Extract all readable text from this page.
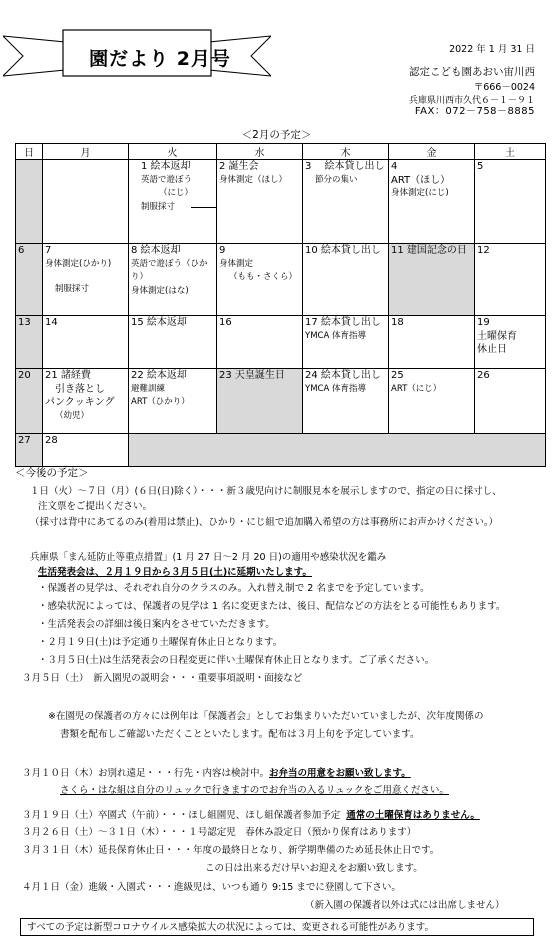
園だより 2月号	2022 年 1 月 31 日
認定こども園あおい宙川西
〒666－0024
兵庫県川西市久代６－１－９１
FAX：072－758－8885
＜2月の予定＞
日	月	火	水	木	金	土

		1 絵本返却
英語で遊ぼう
（にじ）
制服採寸	2 誕生会
身体測定（ほし）	3 　絵本貸し出し
節分の集い	4
ART（ほし）
身体測定(にじ)	5

6	7
身体測定(ひかり)
制服採寸	8 絵本返却
英語で遊ぼう（ひかり）
身体測定(はな)	9
身体測定
（もも・さくら）	10 絵本貸し出し	11 建国記念の日	12

13	14	15 絵本返却	16	17 絵本貸し出し
YMCA 体育指導	18	19
土曜保育
休止日

20	21 諸経費
引き落とし
パンクッキング
（幼児）	22 絵本返却
避難訓練
ART（ひかり）	23 天皇誕生日	24 絵本貸し出し
YMCA 体育指導	25
ART（にじ）	26

27	28					

＜今後の予定＞
１日（火）～７日（月）(６日(日)除く）・・・新３歳児向けに制服見本を展示しますので、指定の日に採寸し、
注文票をご提出ください。
（採寸は背中にあてるのみ(着用は禁止)、ひかり・にじ組で追加購入希望の方は事務所にお声かけください。）
兵庫県「まん延防止等重点措置」(1 月 27 日～2 月 20 日)の適用や感染状況を鑑み
生活発表会は、２月１９日から３月５日(土)に延期いたします。
・保護者の見学は、それぞれ自分のクラスのみ。入れ替え制で 2 名までを予定しています。
・感染状況によっては、保護者の見学は 1 名に変更または、後日、配信などの方法をとる可能性もあります。
・生活発表会の詳細は後日案内をさせていただきます。
・２月１９日(土)は予定通り土曜保育休止日となります。
・３月５日(土)は生活発表会の日程変更に伴い土曜保育休止日となります。ご了承ください。
３月５日（土）　新入園児の説明会・・・重要事項説明・面接など
※在園児の保護者の方々には例年は「保護者会」としてお集まりいただいていましたが、次年度関係の
書類を配布しご確認いただくことといたします。配布は３月上旬を予定しています。
３月１０日（木）お別れ遠足・・・行先・内容は検討中。お弁当の用意をお願い致します。
さくら・はな組は自分のリュックで行きますのでお弁当の入るリュックをご用意ください。
３月１９日（土）卒園式（午前）・・・ほし組園児、ほし組保護者参加予定 通常の土曜保育はありません。
３月２６日（土）～３１日（木）・・・１号認定児　春休み設定日（預かり保育はあります）
３月３１日（木）延長保育休止日・・・年度の最終日となり、新学期準備のため延長休止日です。
この日は出来るだけ早いお迎えをお願い致します。
４月１日（金）進級・入園式・・・進級児は、いつも通り 9:15 までに登園して下さい。
（新入園の保護者以外は式には出席しません）
すべての予定は新型コロナウイルス感染拡大の状況によっては、変更される可能性があります。
